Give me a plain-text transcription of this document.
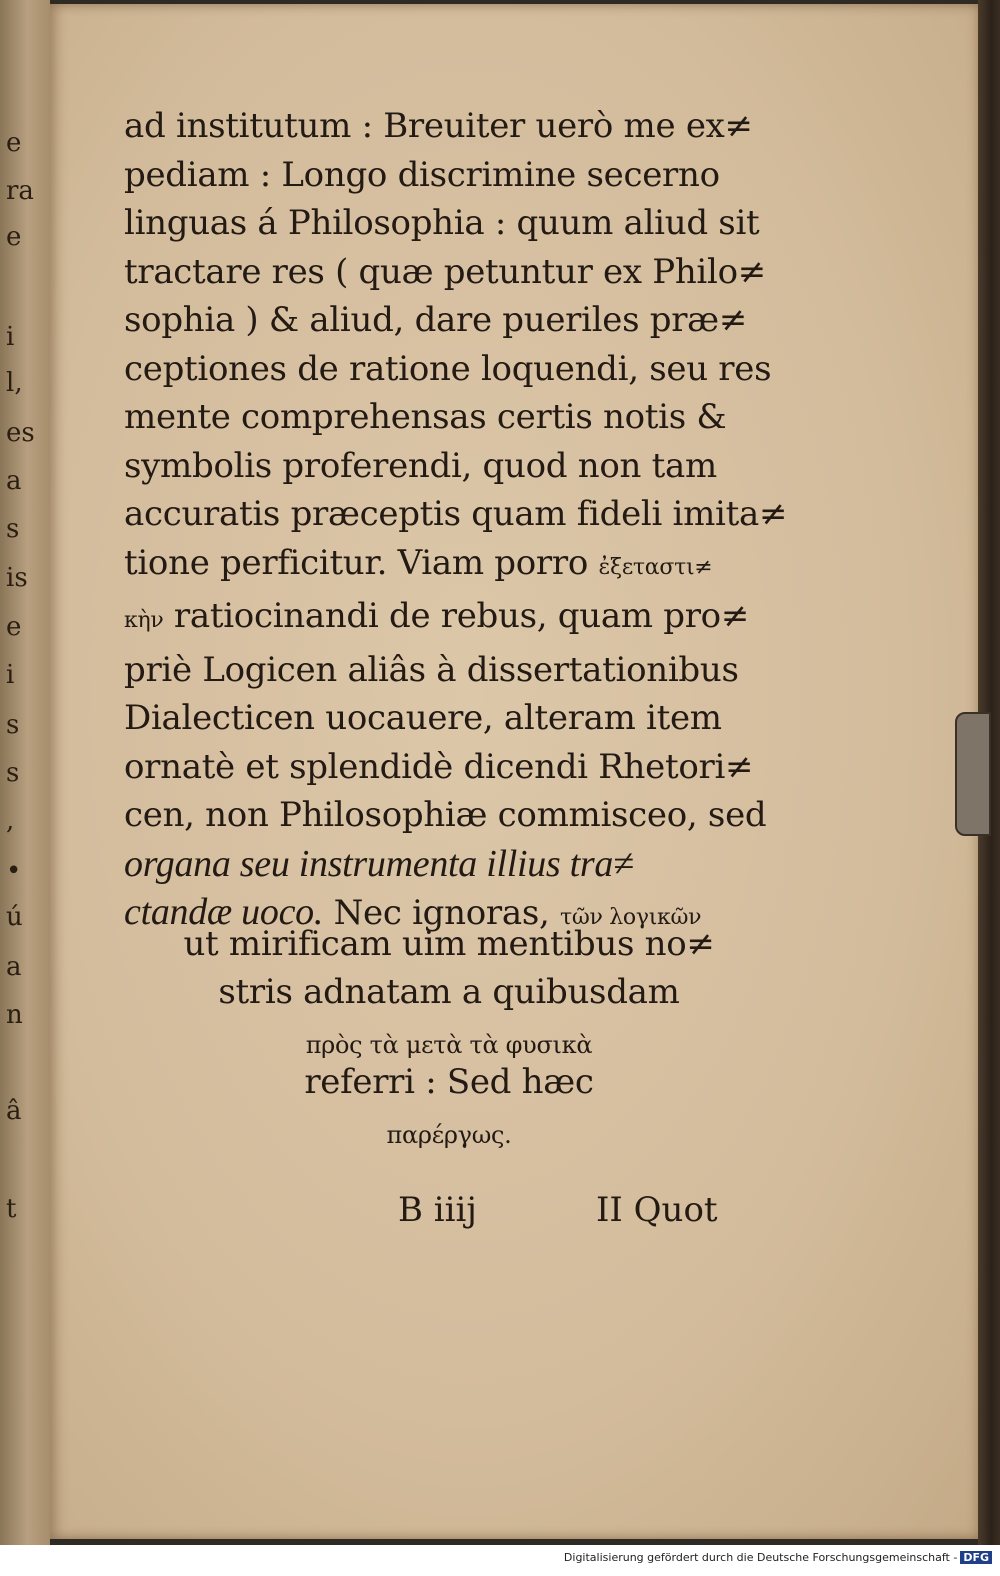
e
ra
e
i
l,
es
a
s
is
e
i
s
s
,
•
ú
a
n
â
t
ad institutum : Breuiter uerò me ex≠
pediam : Longo discrimine secerno
linguas á Philosophia : quum aliud sit
tractare res ( quæ petuntur ex Philo≠
sophia ) & aliud, dare pueriles præ≠
ceptiones de ratione loquendi, seu res
mente comprehensas certis notis &
symbolis proferendi, quod non tam
accuratis præceptis quam fideli imita≠
tione perficitur. Viam porro ἐξεταστι≠
κὴν ratiocinandi de rebus, quam pro≠
priè Logicen aliâs à dissertationibus
Dialecticen uocauere, alteram item
ornatè et splendidè dicendi Rhetori≠
cen, non Philosophiæ commisceo, sed
organa seu instrumenta illius tra≠
ctandæ uoco. Nec ignoras, τῶν λογικῶν
ut mirificam uim mentibus no≠
stris adnatam a quibusdam
πρὸς τὰ μετὰ τὰ φυσικὰ
referri : Sed hæc
παρέργως.
B iiij	II Quot
Digitalisierung gefördert durch die Deutsche Forschungsgemeinschaft - DFG
